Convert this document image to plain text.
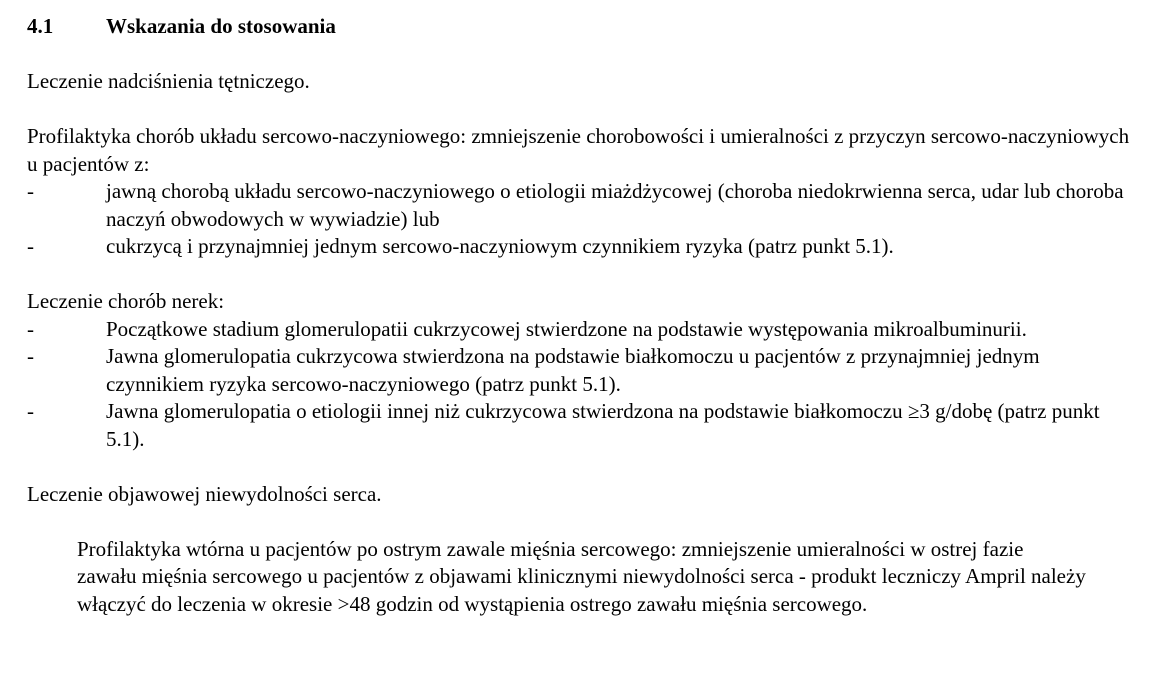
4.1	Wskazania do stosowania

Leczenie nadciśnienia tętniczego.

Profilaktyka chorób układu sercowo-naczyniowego: zmniejszenie chorobowości i umieralności z przyczyn sercowo-naczyniowych u pacjentów z:

-	jawną chorobą układu sercowo-naczyniowego o etiologii miażdżycowej (choroba niedokrwienna serca, udar lub choroba naczyń obwodowych w wywiadzie) lub
-	cukrzycą i przynajmniej jednym sercowo-naczyniowym czynnikiem ryzyka (patrz punkt 5.1).

Leczenie chorób nerek:

-	Początkowe stadium glomerulopatii cukrzycowej stwierdzone na podstawie występowania mikroalbuminurii.
-	Jawna glomerulopatia cukrzycowa stwierdzona na podstawie białkomoczu u pacjentów z przynajmniej jednym czynnikiem ryzyka sercowo-naczyniowego (patrz punkt 5.1).
-	Jawna glomerulopatia o etiologii innej niż cukrzycowa stwierdzona na podstawie białkomoczu ≥3 g/dobę (patrz punkt 5.1).

Leczenie objawowej niewydolności serca.

Profilaktyka wtórna u pacjentów po ostrym zawale mięśnia sercowego: zmniejszenie umieralności w ostrej fazie zawału mięśnia sercowego u pacjentów z objawami klinicznymi niewydolności serca - produkt leczniczy Ampril należy włączyć do leczenia w okresie >48 godzin od wystąpienia ostrego zawału mięśnia sercowego.
